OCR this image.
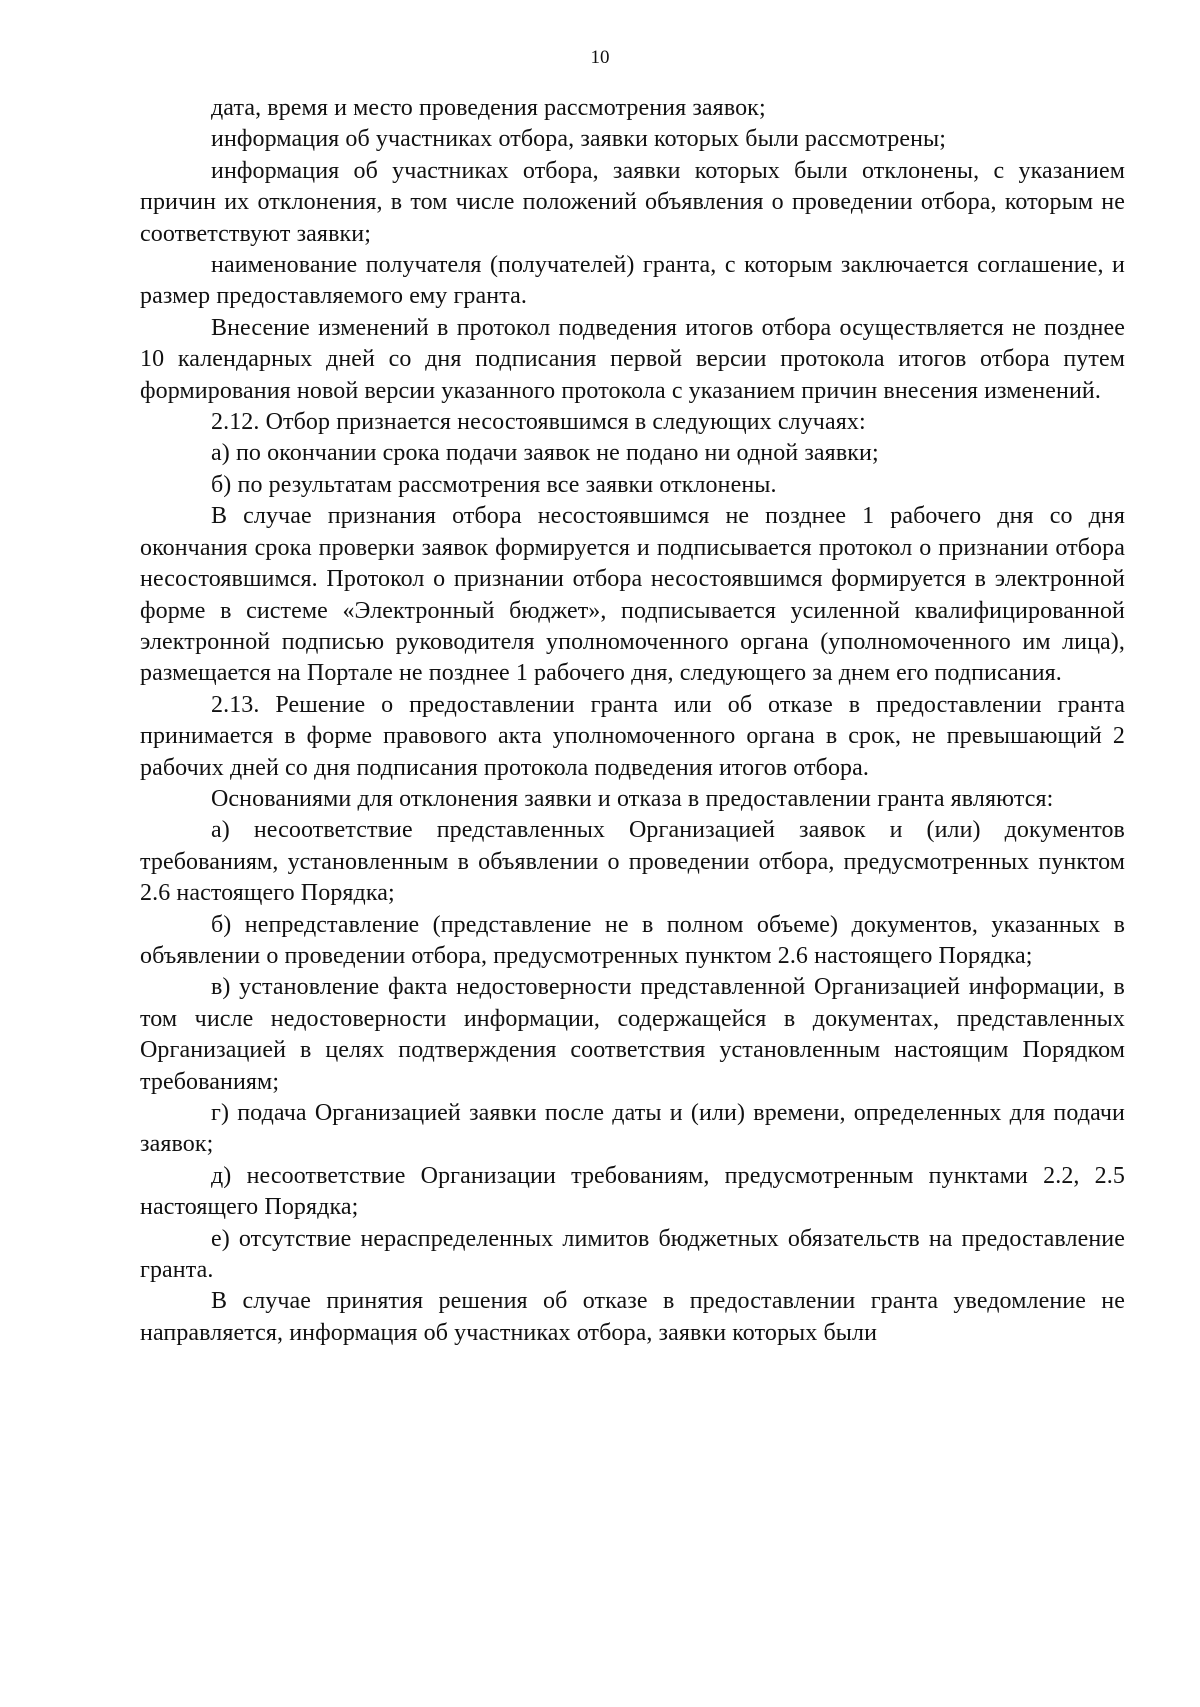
10

дата, время и место проведения рассмотрения заявок;

информация об участниках отбора, заявки которых были рассмотрены;

информация об участниках отбора, заявки которых были отклонены, с указанием причин их отклонения, в том числе положений объявления о проведении отбора, которым не соответствуют заявки;

наименование получателя (получателей) гранта, с которым заключается соглашение, и размер предоставляемого ему гранта.

Внесение изменений в протокол подведения итогов отбора осуществляется не позднее 10 календарных дней со дня подписания первой версии протокола итогов отбора путем формирования новой версии указанного протокола с указанием причин внесения изменений.

2.12. Отбор признается несостоявшимся в следующих случаях:

а) по окончании срока подачи заявок не подано ни одной заявки;

б) по результатам рассмотрения все заявки отклонены.

В случае признания отбора несостоявшимся не позднее 1 рабочего дня со дня окончания срока проверки заявок формируется и подписывается протокол о признании отбора несостоявшимся. Протокол о признании отбора несостоявшимся формируется в электронной форме в системе «Электронный бюджет», подписывается усиленной квалифицированной электронной подписью руководителя уполномоченного органа (уполномоченного им лица), размещается на Портале не позднее 1 рабочего дня, следующего за днем его подписания.

2.13. Решение о предоставлении гранта или об отказе в предоставлении гранта принимается в форме правового акта уполномоченного органа в срок, не превышающий 2 рабочих дней со дня подписания протокола подведения итогов отбора.

Основаниями для отклонения заявки и отказа в предоставлении гранта являются:

а) несоответствие представленных Организацией заявок и (или) документов требованиям, установленным в объявлении о проведении отбора, предусмотренных пунктом 2.6 настоящего Порядка;

б) непредставление (представление не в полном объеме) документов, указанных в объявлении о проведении отбора, предусмотренных пунктом 2.6 настоящего Порядка;

в) установление факта недостоверности представленной Организацией информации, в том числе недостоверности информации, содержащейся в документах, представленных Организацией в целях подтверждения соответствия установленным настоящим Порядком требованиям;

г) подача Организацией заявки после даты и (или) времени, определенных для подачи заявок;

д) несоответствие Организации требованиям, предусмотренным пунктами 2.2, 2.5 настоящего Порядка;

е) отсутствие нераспределенных лимитов бюджетных обязательств на предоставление гранта.

В случае принятия решения об отказе в предоставлении гранта уведомление не направляется, информация об участниках отбора, заявки которых были
